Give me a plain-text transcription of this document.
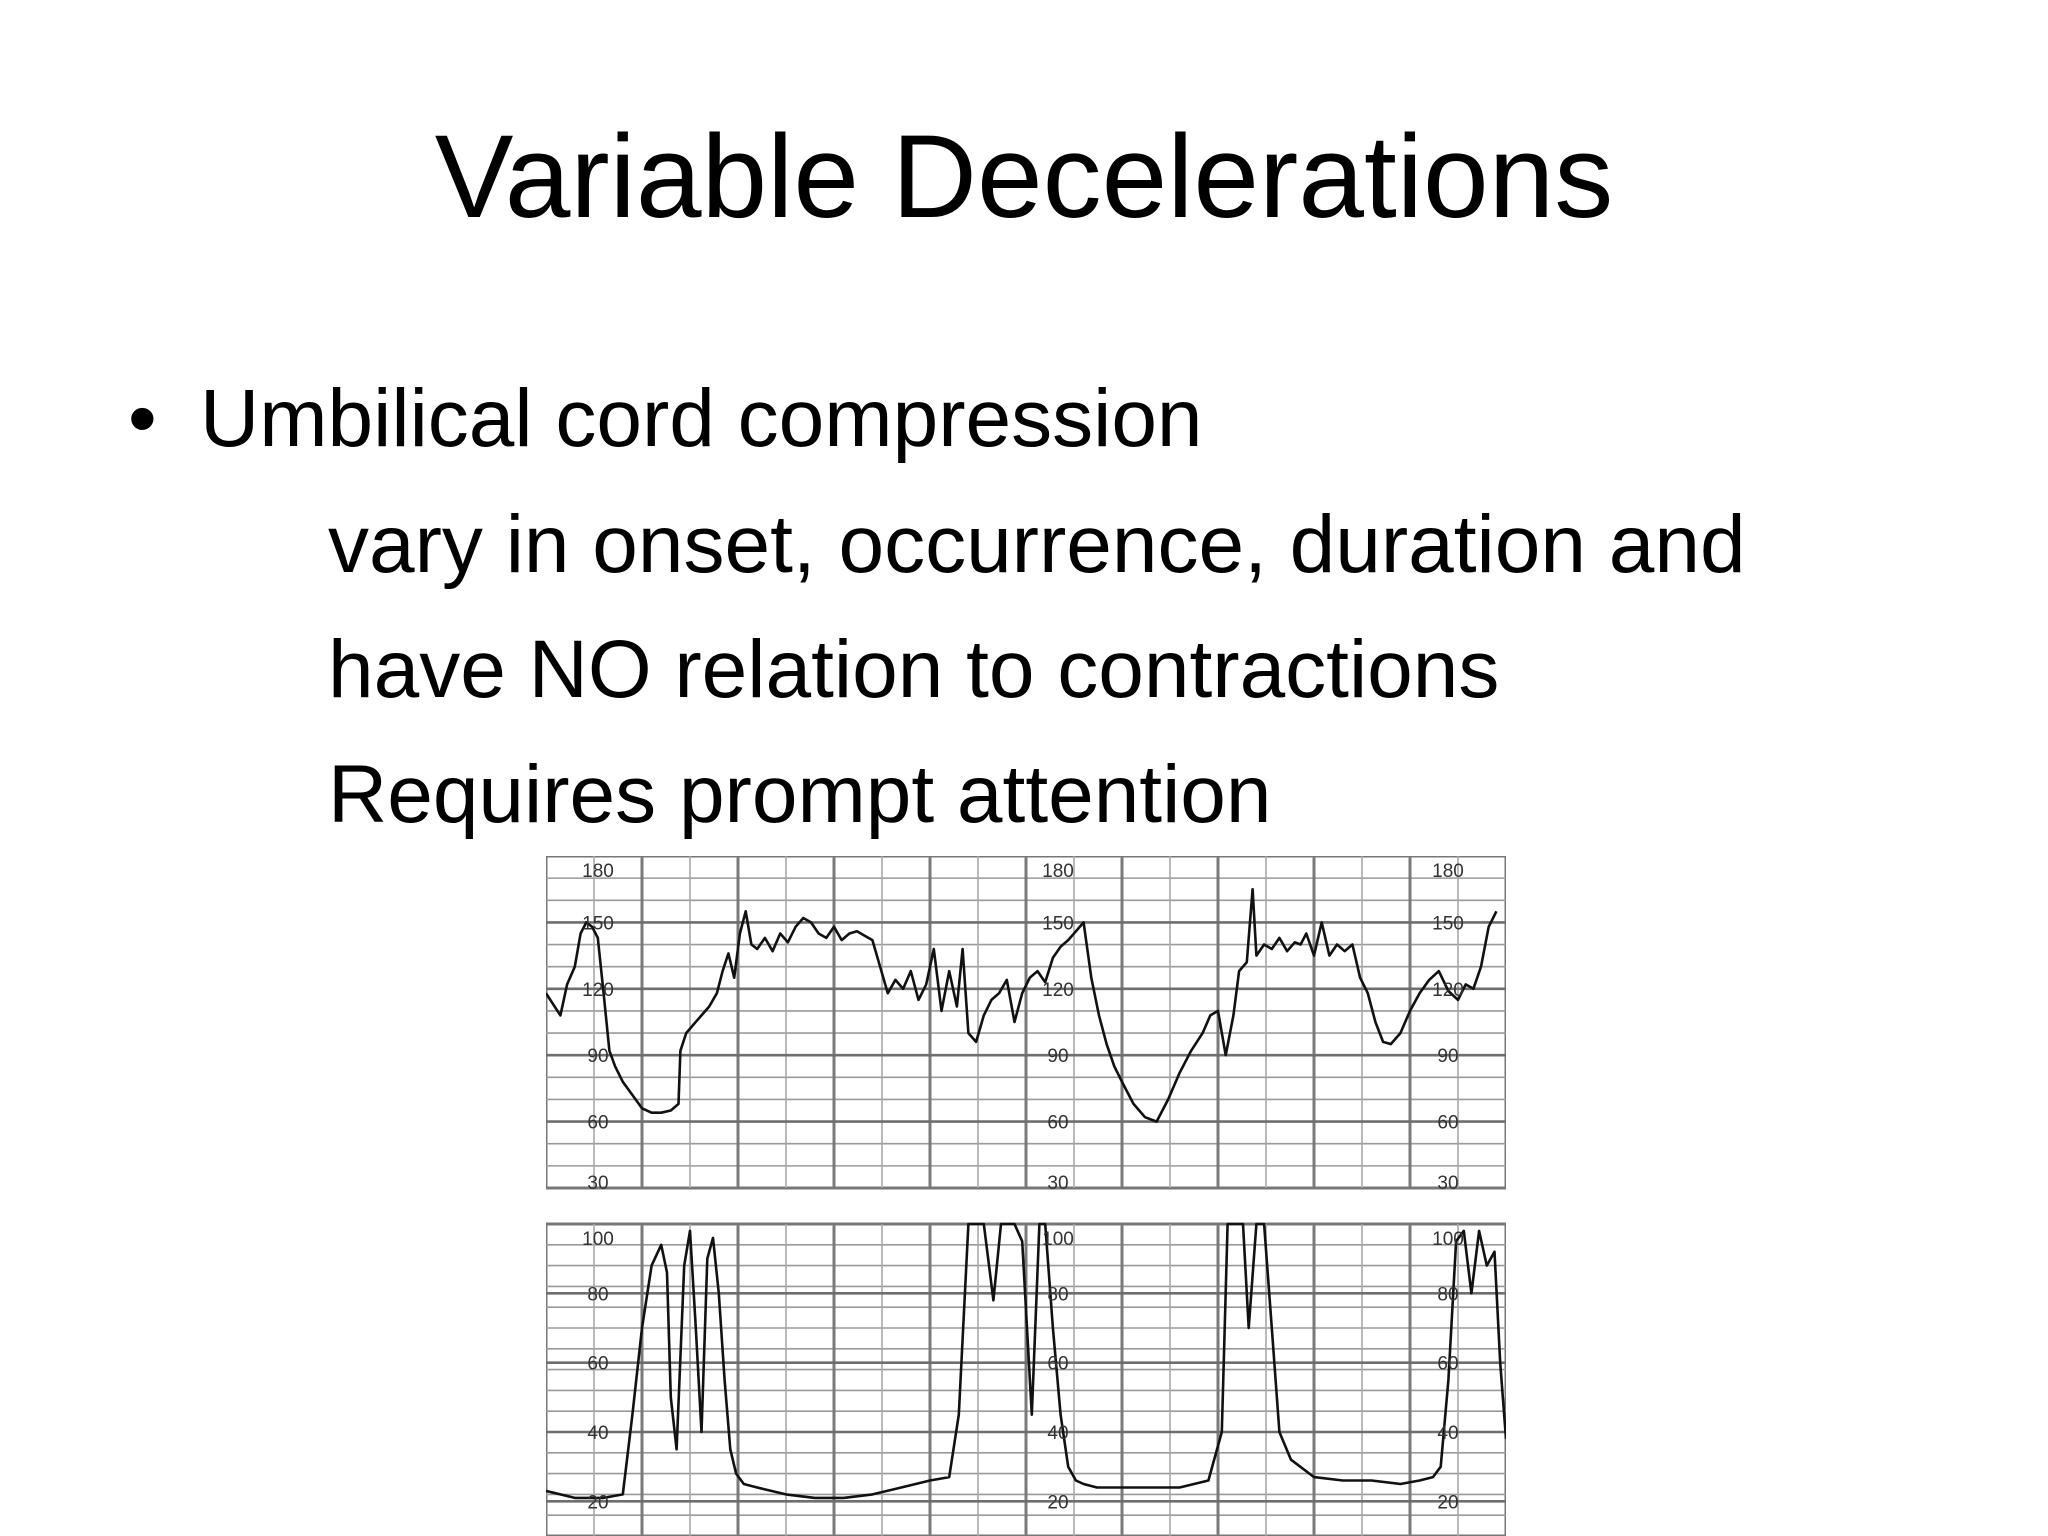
Variable Decelerations
• Umbilical cord compression
vary in onset, occurrence, duration and
have NO relation to contractions
Requires prompt attention
180	180	180
150	150	150
120	120	120
90	90	90
60	60	60
30	30	30
100	100	100
80	80	80
60	60	60
40	40	40
20	20	20
